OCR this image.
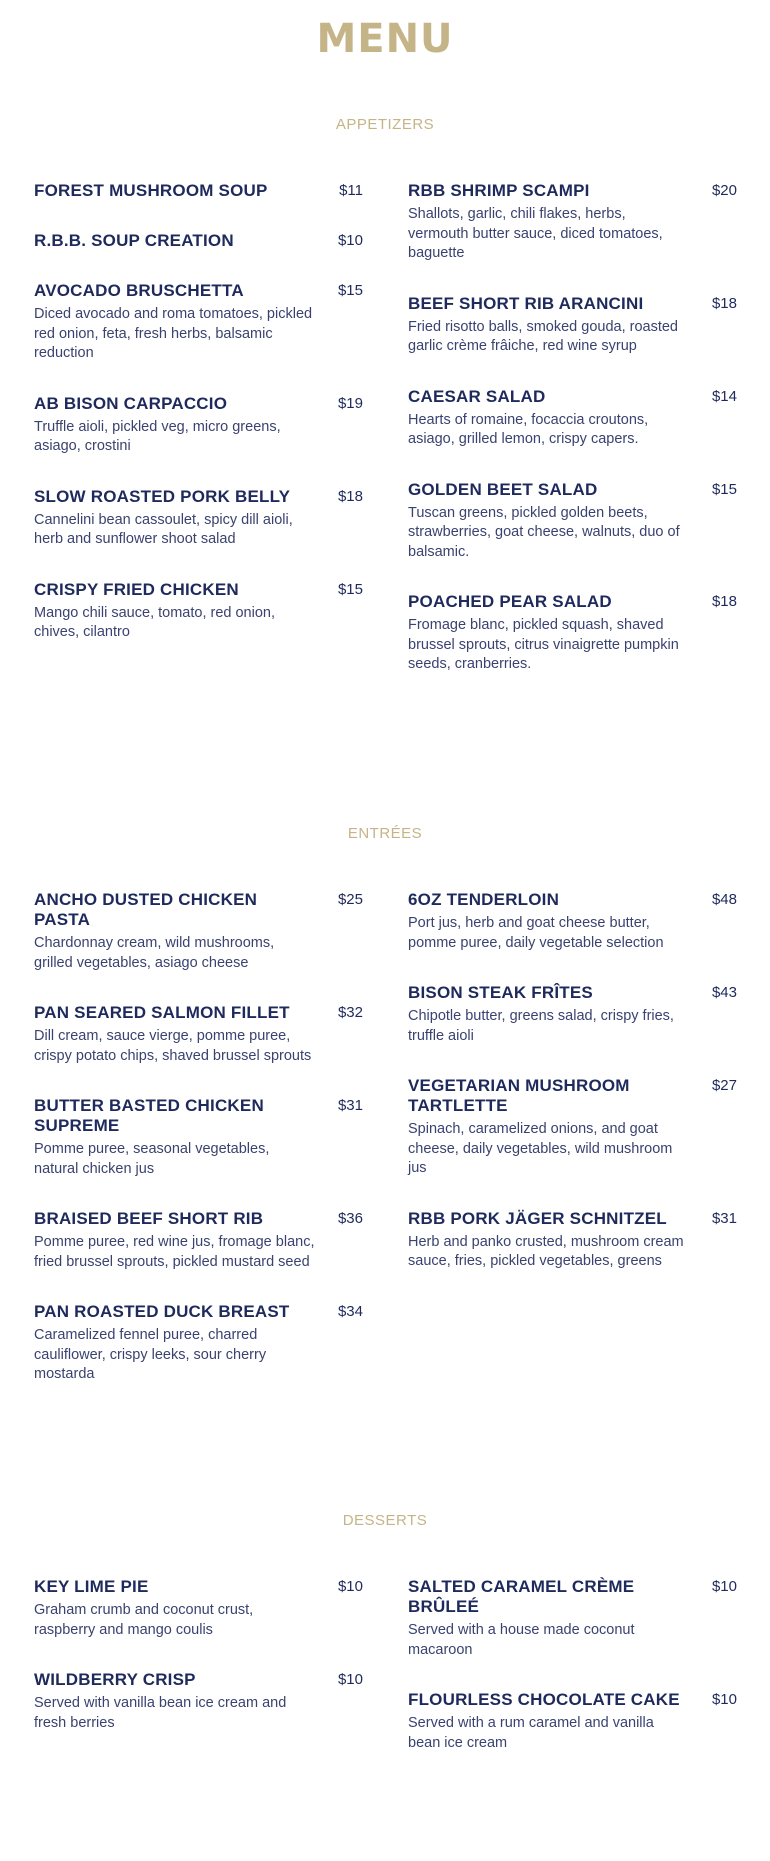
MENU
APPETIZERS
FOREST MUSHROOM SOUP	$11
R.B.B. SOUP CREATION	$10
AVOCADO BRUSCHETTA	$15
Diced avocado and roma tomatoes, pickled red onion, feta, fresh herbs, balsamic reduction
AB BISON CARPACCIO	$19
Truffle aioli, pickled veg, micro greens, asiago, crostini
SLOW ROASTED PORK BELLY	$18
Cannelini bean cassoulet, spicy dill aioli, herb and sunflower shoot salad
CRISPY FRIED CHICKEN	$15
Mango chili sauce, tomato, red onion, chives, cilantro
RBB SHRIMP SCAMPI	$20
Shallots, garlic, chili flakes, herbs, vermouth butter sauce, diced tomatoes, baguette
BEEF SHORT RIB ARANCINI	$18
Fried risotto balls, smoked gouda, roasted garlic crème frâiche, red wine syrup
CAESAR SALAD	$14
Hearts of romaine, focaccia croutons, asiago, grilled lemon, crispy capers.
GOLDEN BEET SALAD	$15
Tuscan greens, pickled golden beets, strawberries, goat cheese, walnuts, duo of balsamic.
POACHED PEAR SALAD	$18
Fromage blanc, pickled squash, shaved brussel sprouts, citrus vinaigrette pumpkin seeds, cranberries.
ENTRÉES
ANCHO DUSTED CHICKEN PASTA
$25
Chardonnay cream, wild mushrooms, grilled vegetables, asiago cheese
PAN SEARED SALMON FILLET	$32
Dill cream, sauce vierge, pomme puree, crispy potato chips, shaved brussel sprouts
BUTTER BASTED CHICKEN SUPREME
$31
Pomme puree, seasonal vegetables, natural chicken jus
BRAISED BEEF SHORT RIB	$36
Pomme puree, red wine jus, fromage blanc, fried brussel sprouts, pickled mustard seed
PAN ROASTED DUCK BREAST	$34
Caramelized fennel puree, charred cauliflower, crispy leeks, sour cherry mostarda
6OZ TENDERLOIN	$48
Port jus, herb and goat cheese butter, pomme puree, daily vegetable selection
BISON STEAK FRÎTES	$43
Chipotle butter, greens salad, crispy fries, truffle aioli
VEGETARIAN MUSHROOM TARTLETTE
$27
Spinach, caramelized onions, and goat cheese, daily vegetables, wild mushroom jus
RBB PORK JÄGER SCHNITZEL	$31
Herb and panko crusted, mushroom cream sauce, fries, pickled vegetables, greens
DESSERTS
KEY LIME PIE	$10
Graham crumb and coconut crust, raspberry and mango coulis
WILDBERRY CRISP	$10
Served with vanilla bean ice cream and fresh berries
SALTED CARAMEL CRÈME BRÛLEÉ
$10
Served with a house made coconut macaroon
FLOURLESS CHOCOLATE CAKE	$10
Served with a rum caramel and vanilla bean ice cream
